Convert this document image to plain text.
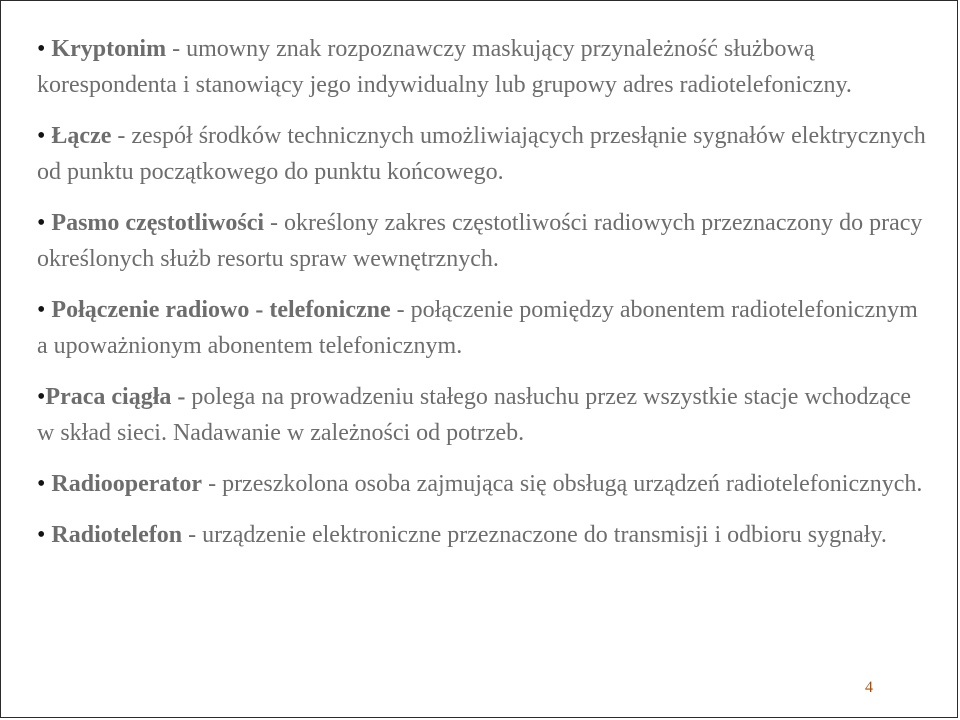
• Kryptonim - umowny znak rozpoznawczy maskujący przynależność służbową korespondenta i stanowiący jego indywidualny lub grupowy adres radiotelefoniczny.

• Łącze - zespół środków technicznych umożliwiających przesłąnie sygnałów elektrycznych od punktu początkowego do punktu końcowego.

• Pasmo częstotliwości - określony zakres częstotliwości radiowych przeznaczony do pracy określonych służb resortu spraw wewnętrznych.

• Połączenie radiowo - telefoniczne - połączenie pomiędzy abonentem radiotelefonicznym a upoważnionym abonentem telefonicznym.

•Praca ciągła - polega na prowadzeniu stałego nasłuchu przez wszystkie stacje wchodzące w skład sieci. Nadawanie w zależności od potrzeb.

• Radiooperator - przeszkolona osoba zajmująca się obsługą urządzeń radiotelefonicznych.

• Radiotelefon - urządzenie elektroniczne przeznaczone do transmisji i odbioru sygnały.

4
